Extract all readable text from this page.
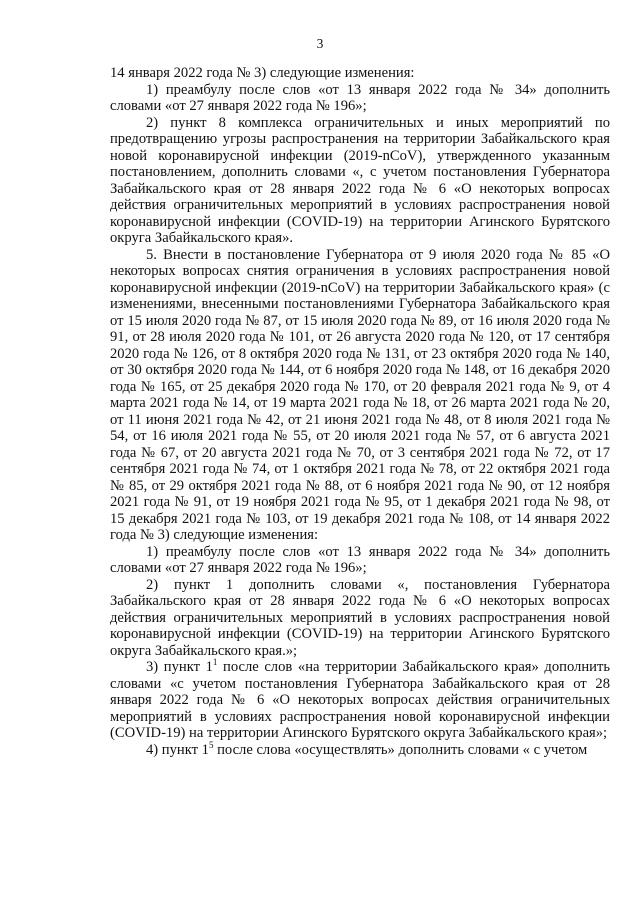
3

14 января 2022 года № 3) следующие изменения:

1) преамбулу после слов «от 13 января 2022 года № 34» дополнить словами «от 27 января 2022 года № 196»;

2) пункт 8 комплекса ограничительных и иных мероприятий по предотвращению угрозы распространения на территории Забайкальского края новой коронавирусной инфекции (2019-nCoV), утвержденного указанным постановлением, дополнить словами «, с учетом постановления Губернатора Забайкальского края от 28 января 2022 года № 6 «О некоторых вопросах действия ограничительных мероприятий в условиях распространения новой коронавирусной инфекции (COVID-19) на территории Агинского Бурятского округа Забайкальского края».

5. Внести в постановление Губернатора от 9 июля 2020 года № 85 «О некоторых вопросах снятия ограничения в условиях распространения новой коронавирусной инфекции (2019-nCoV) на территории Забайкальского края» (с изменениями, внесенными постановлениями Губернатора Забайкальского края от 15 июля 2020 года № 87, от 15 июля 2020 года № 89, от 16 июля 2020 года № 91, от 28 июля 2020 года № 101, от 26 августа 2020 года № 120, от 17 сентября 2020 года № 126, от 8 октября 2020 года № 131, от 23 октября 2020 года № 140, от 30 октября 2020 года № 144, от 6 ноября 2020 года № 148, от 16 декабря 2020 года № 165, от 25 декабря 2020 года № 170, от 20 февраля 2021 года № 9, от 4 марта 2021 года № 14, от 19 марта 2021 года № 18, от 26 марта 2021 года № 20, от 11 июня 2021 года № 42, от 21 июня 2021 года № 48, от 8 июля 2021 года № 54, от 16 июля 2021 года № 55, от 20 июля 2021 года № 57, от 6 августа 2021 года № 67, от 20 августа 2021 года № 70, от 3 сентября 2021 года № 72, от 17 сентября 2021 года № 74, от 1 октября 2021 года № 78, от 22 октября 2021 года № 85, от 29 октября 2021 года № 88, от 6 ноября 2021 года № 90, от 12 ноября 2021 года № 91, от 19 ноября 2021 года № 95, от 1 декабря 2021 года № 98, от 15 декабря 2021 года № 103, от 19 декабря 2021 года № 108, от 14 января 2022 года № 3) следующие изменения:

1) преамбулу после слов «от 13 января 2022 года № 34» дополнить словами «от 27 января 2022 года № 196»;

2) пункт 1 дополнить словами «, постановления Губернатора Забайкальского края от 28 января 2022 года № 6 «О некоторых вопросах действия ограничительных мероприятий в условиях распространения новой коронавирусной инфекции (COVID-19) на территории Агинского Бурятского округа Забайкальского края.»;

3) пункт $1^1$ после слов «на территории Забайкальского края» дополнить словами «с учетом постановления Губернатора Забайкальского края от 28 января 2022 года № 6 «О некоторых вопросах действия ограничительных мероприятий в условиях распространения новой коронавирусной инфекции (COVID-19) на территории Агинского Бурятского округа Забайкальского края»;

4) пункт $1^5$ после слова «осуществлять» дополнить словами « с учетом
